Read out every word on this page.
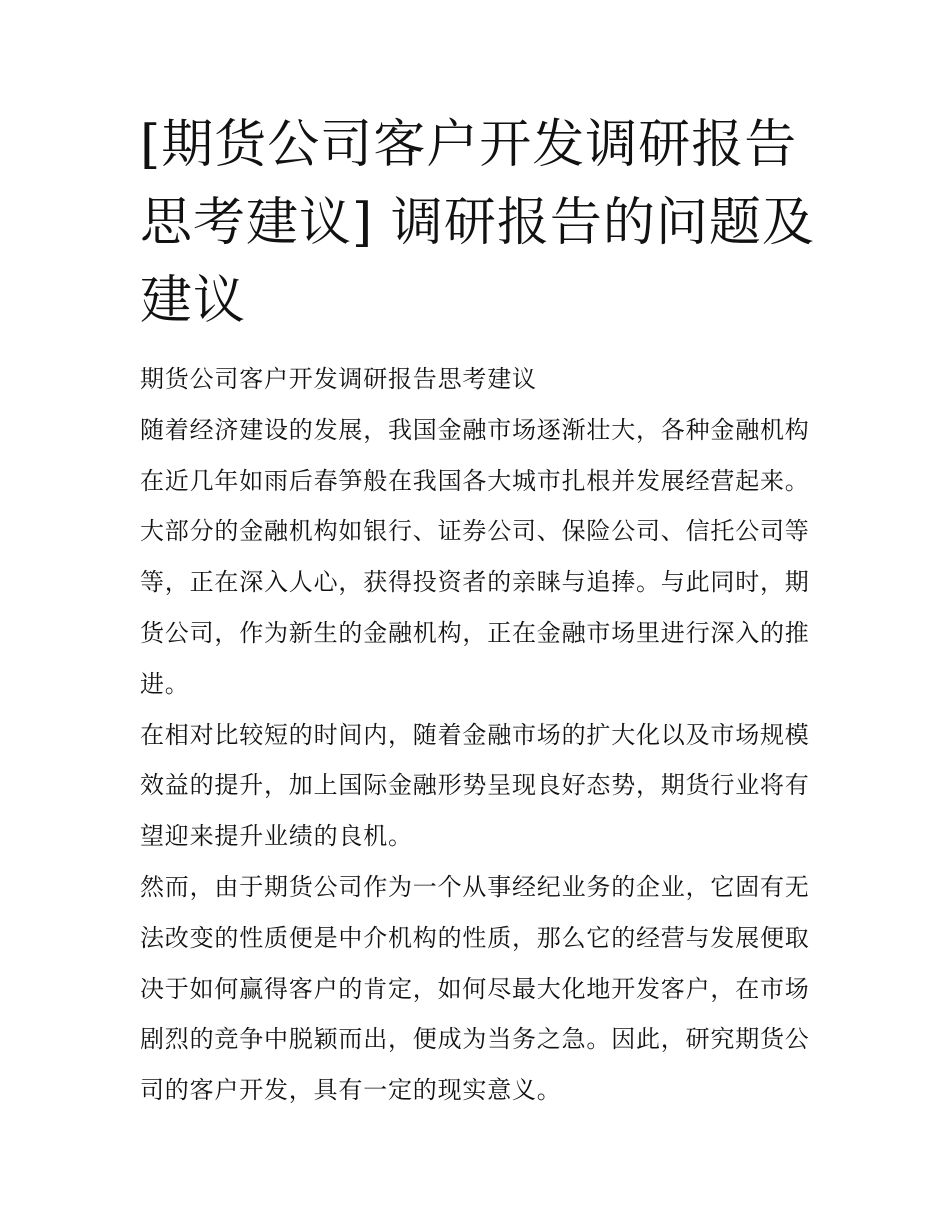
[期货公司客户开发调研报告思考建议] 调研报告的问题及建议

期货公司客户开发调研报告思考建议

随着经济建设的发展，我国金融市场逐渐壮大，各种金融机构在近几年如雨后春笋般在我国各大城市扎根并发展经营起来。大部分的金融机构如银行、证券公司、保险公司、信托公司等等，正在深入人心，获得投资者的亲睐与追捧。与此同时，期货公司，作为新生的金融机构，正在金融市场里进行深入的推进。

在相对比较短的时间内，随着金融市场的扩大化以及市场规模效益的提升，加上国际金融形势呈现良好态势，期货行业将有望迎来提升业绩的良机。

然而，由于期货公司作为一个从事经纪业务的企业，它固有无法改变的性质便是中介机构的性质，那么它的经营与发展便取决于如何赢得客户的肯定，如何尽最大化地开发客户，在市场剧烈的竞争中脱颖而出，便成为当务之急。因此，研究期货公司的客户开发，具有一定的现实意义。
